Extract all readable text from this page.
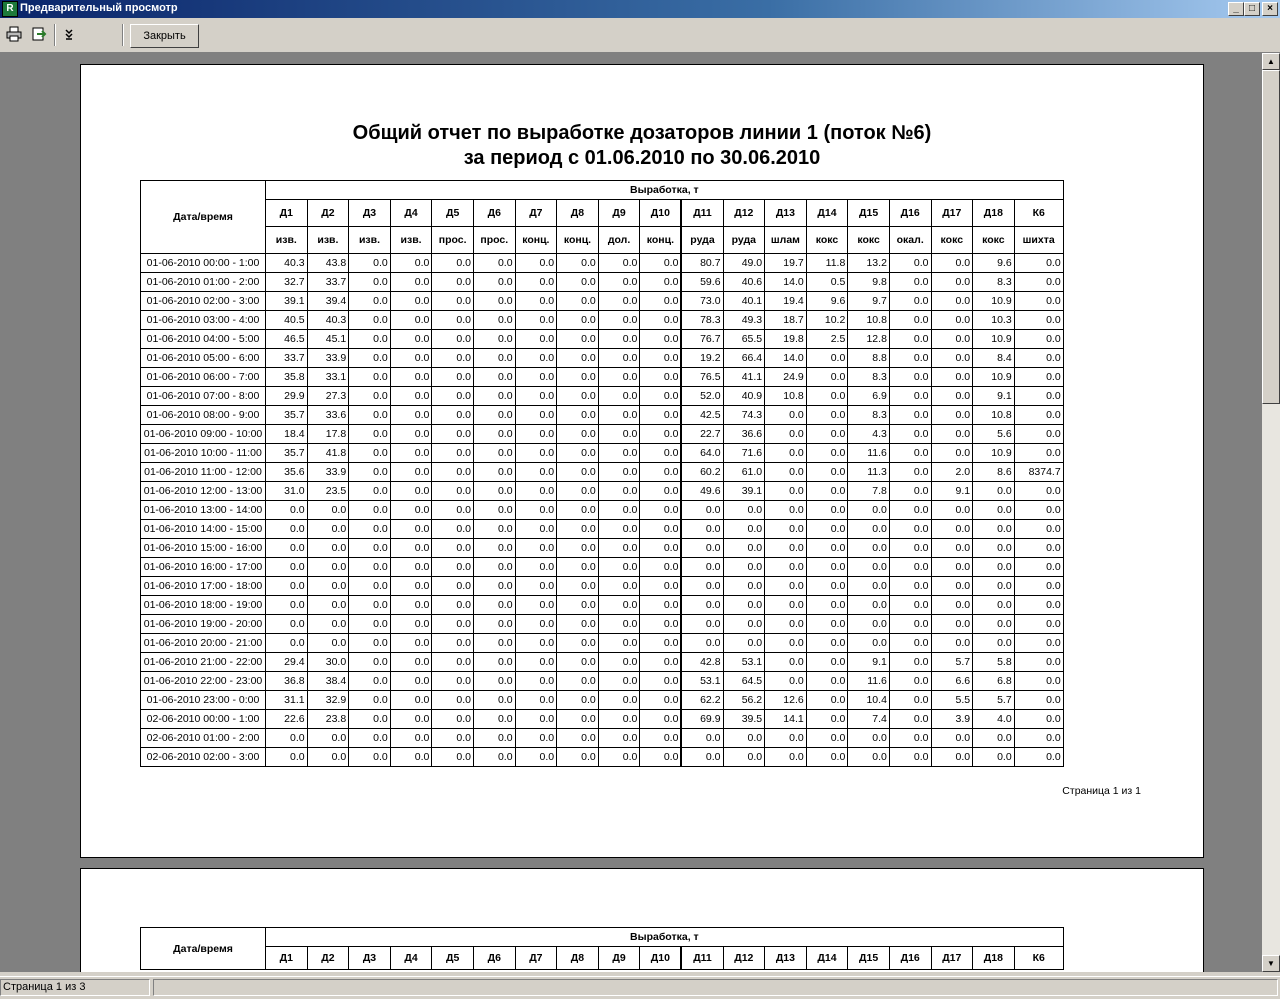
R Предварительный просмотр	_	□	×
Закрыть
Общий отчет по выработке дозаторов линии 1 (поток №6)
за период с 01.06.2010 по 30.06.2010
Дата/время	Выработка, т																		
	Д1	Д2	Д3	Д4	Д5	Д6	Д7	Д8	Д9	Д10	Д11	Д12	Д13	Д14	Д15	Д16	Д17	Д18	К6
	изв.	изв.	изв.	изв.	прос.	прос.	конц.	конц.	дол.	конц.	руда	руда	шлам	кокс	кокс	окал.	кокс	кокс	шихта
01-06-2010 00:00 - 1:00	40.3	43.8	0.0	0.0	0.0	0.0	0.0	0.0	0.0	0.0	80.7	49.0	19.7	11.8	13.2	0.0	0.0	9.6	0.0
01-06-2010 01:00 - 2:00	32.7	33.7	0.0	0.0	0.0	0.0	0.0	0.0	0.0	0.0	59.6	40.6	14.0	0.5	9.8	0.0	0.0	8.3	0.0
01-06-2010 02:00 - 3:00	39.1	39.4	0.0	0.0	0.0	0.0	0.0	0.0	0.0	0.0	73.0	40.1	19.4	9.6	9.7	0.0	0.0	10.9	0.0
01-06-2010 03:00 - 4:00	40.5	40.3	0.0	0.0	0.0	0.0	0.0	0.0	0.0	0.0	78.3	49.3	18.7	10.2	10.8	0.0	0.0	10.3	0.0
01-06-2010 04:00 - 5:00	46.5	45.1	0.0	0.0	0.0	0.0	0.0	0.0	0.0	0.0	76.7	65.5	19.8	2.5	12.8	0.0	0.0	10.9	0.0
01-06-2010 05:00 - 6:00	33.7	33.9	0.0	0.0	0.0	0.0	0.0	0.0	0.0	0.0	19.2	66.4	14.0	0.0	8.8	0.0	0.0	8.4	0.0
01-06-2010 06:00 - 7:00	35.8	33.1	0.0	0.0	0.0	0.0	0.0	0.0	0.0	0.0	76.5	41.1	24.9	0.0	8.3	0.0	0.0	10.9	0.0
01-06-2010 07:00 - 8:00	29.9	27.3	0.0	0.0	0.0	0.0	0.0	0.0	0.0	0.0	52.0	40.9	10.8	0.0	6.9	0.0	0.0	9.1	0.0
01-06-2010 08:00 - 9:00	35.7	33.6	0.0	0.0	0.0	0.0	0.0	0.0	0.0	0.0	42.5	74.3	0.0	0.0	8.3	0.0	0.0	10.8	0.0
01-06-2010 09:00 - 10:00	18.4	17.8	0.0	0.0	0.0	0.0	0.0	0.0	0.0	0.0	22.7	36.6	0.0	0.0	4.3	0.0	0.0	5.6	0.0
01-06-2010 10:00 - 11:00	35.7	41.8	0.0	0.0	0.0	0.0	0.0	0.0	0.0	0.0	64.0	71.6	0.0	0.0	11.6	0.0	0.0	10.9	0.0
01-06-2010 11:00 - 12:00	35.6	33.9	0.0	0.0	0.0	0.0	0.0	0.0	0.0	0.0	60.2	61.0	0.0	0.0	11.3	0.0	2.0	8.6	8374.7
01-06-2010 12:00 - 13:00	31.0	23.5	0.0	0.0	0.0	0.0	0.0	0.0	0.0	0.0	49.6	39.1	0.0	0.0	7.8	0.0	9.1	0.0	0.0
01-06-2010 13:00 - 14:00	0.0	0.0	0.0	0.0	0.0	0.0	0.0	0.0	0.0	0.0	0.0	0.0	0.0	0.0	0.0	0.0	0.0	0.0	0.0
01-06-2010 14:00 - 15:00	0.0	0.0	0.0	0.0	0.0	0.0	0.0	0.0	0.0	0.0	0.0	0.0	0.0	0.0	0.0	0.0	0.0	0.0	0.0
01-06-2010 15:00 - 16:00	0.0	0.0	0.0	0.0	0.0	0.0	0.0	0.0	0.0	0.0	0.0	0.0	0.0	0.0	0.0	0.0	0.0	0.0	0.0
01-06-2010 16:00 - 17:00	0.0	0.0	0.0	0.0	0.0	0.0	0.0	0.0	0.0	0.0	0.0	0.0	0.0	0.0	0.0	0.0	0.0	0.0	0.0
01-06-2010 17:00 - 18:00	0.0	0.0	0.0	0.0	0.0	0.0	0.0	0.0	0.0	0.0	0.0	0.0	0.0	0.0	0.0	0.0	0.0	0.0	0.0
01-06-2010 18:00 - 19:00	0.0	0.0	0.0	0.0	0.0	0.0	0.0	0.0	0.0	0.0	0.0	0.0	0.0	0.0	0.0	0.0	0.0	0.0	0.0
01-06-2010 19:00 - 20:00	0.0	0.0	0.0	0.0	0.0	0.0	0.0	0.0	0.0	0.0	0.0	0.0	0.0	0.0	0.0	0.0	0.0	0.0	0.0
01-06-2010 20:00 - 21:00	0.0	0.0	0.0	0.0	0.0	0.0	0.0	0.0	0.0	0.0	0.0	0.0	0.0	0.0	0.0	0.0	0.0	0.0	0.0
01-06-2010 21:00 - 22:00	29.4	30.0	0.0	0.0	0.0	0.0	0.0	0.0	0.0	0.0	42.8	53.1	0.0	0.0	9.1	0.0	5.7	5.8	0.0
01-06-2010 22:00 - 23:00	36.8	38.4	0.0	0.0	0.0	0.0	0.0	0.0	0.0	0.0	53.1	64.5	0.0	0.0	11.6	0.0	6.6	6.8	0.0
01-06-2010 23:00 - 0:00	31.1	32.9	0.0	0.0	0.0	0.0	0.0	0.0	0.0	0.0	62.2	56.2	12.6	0.0	10.4	0.0	5.5	5.7	0.0
02-06-2010 00:00 - 1:00	22.6	23.8	0.0	0.0	0.0	0.0	0.0	0.0	0.0	0.0	69.9	39.5	14.1	0.0	7.4	0.0	3.9	4.0	0.0
02-06-2010 01:00 - 2:00	0.0	0.0	0.0	0.0	0.0	0.0	0.0	0.0	0.0	0.0	0.0	0.0	0.0	0.0	0.0	0.0	0.0	0.0	0.0
02-06-2010 02:00 - 3:00	0.0	0.0	0.0	0.0	0.0	0.0	0.0	0.0	0.0	0.0	0.0	0.0	0.0	0.0	0.0	0.0	0.0	0.0	0.0
Страница 1 из 1
Дата/время	Выработка, т																		
	Д1	Д2	Д3	Д4	Д5	Д6	Д7	Д8	Д9	Д10	Д11	Д12	Д13	Д14	Д15	Д16	Д17	Д18	К6
▲
▼
Страница 1 из 3
